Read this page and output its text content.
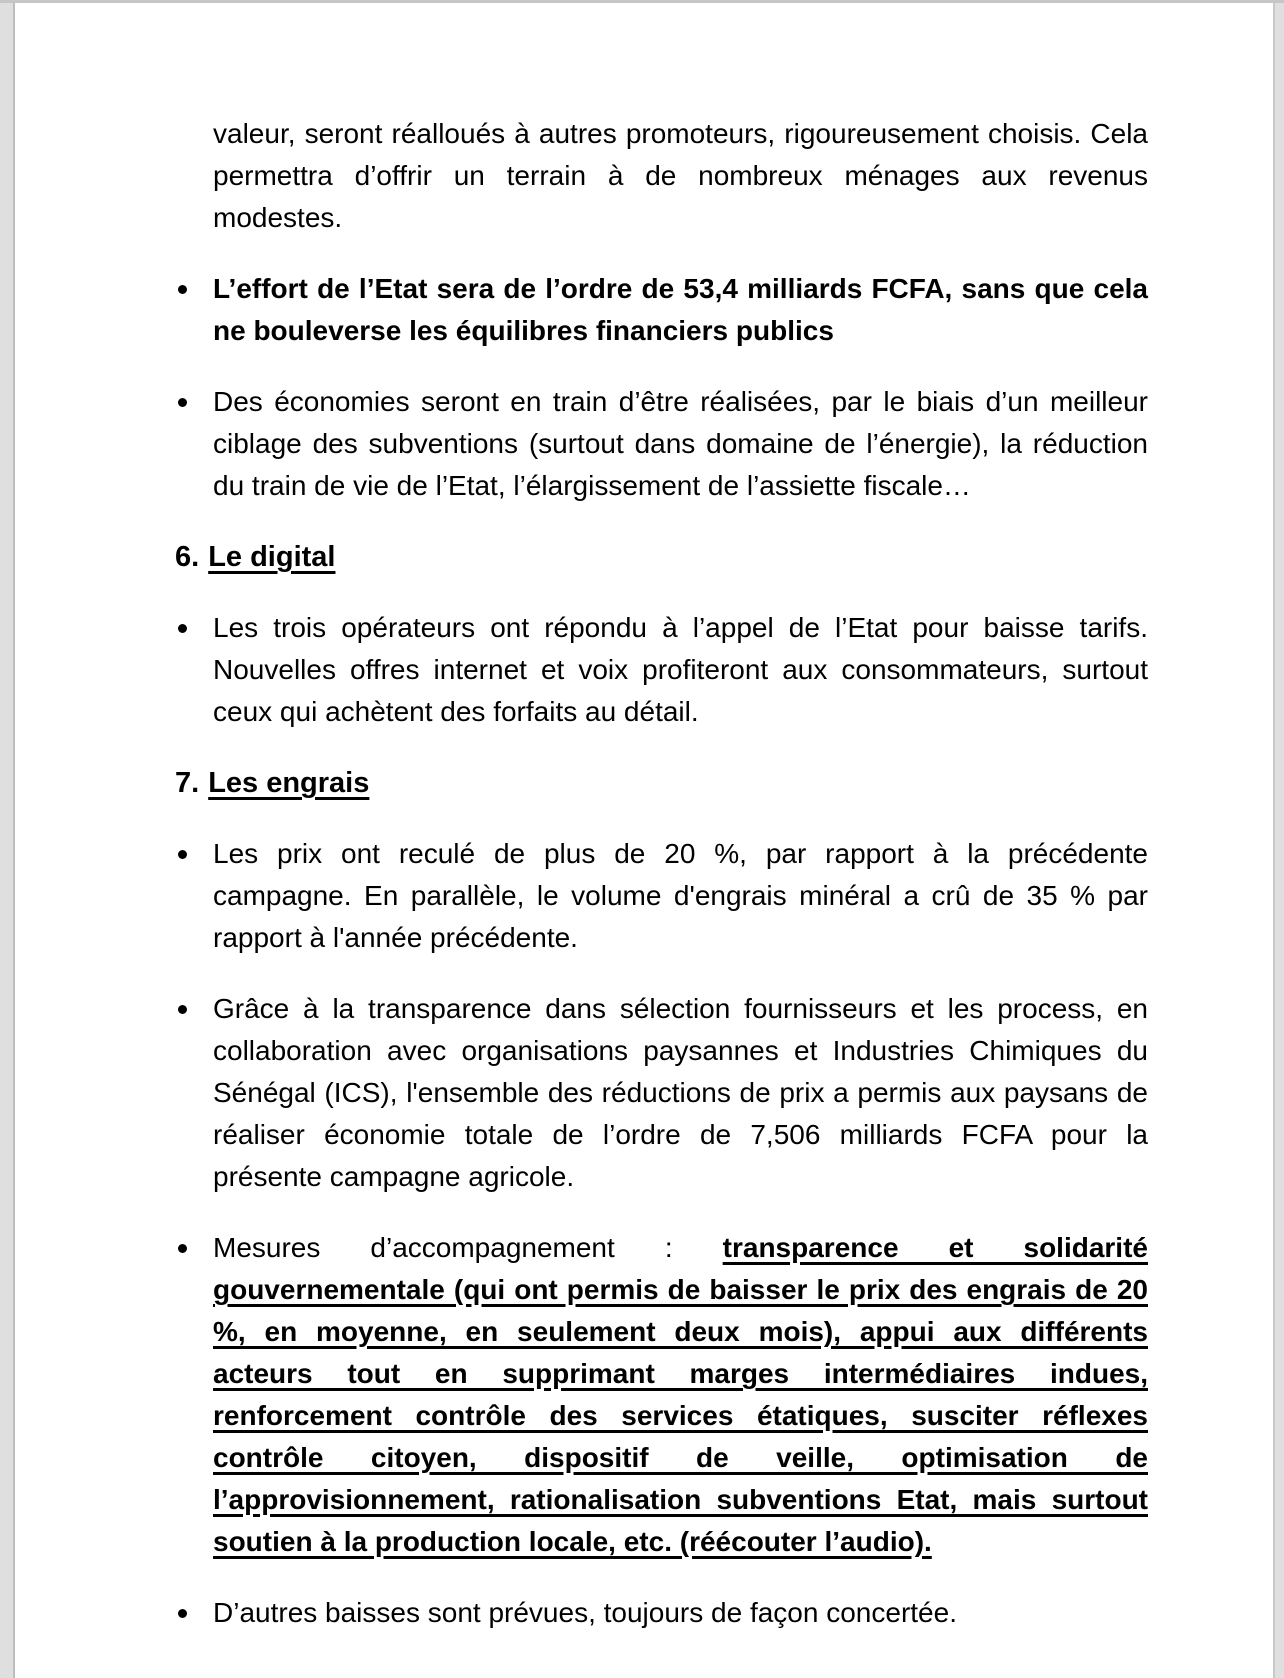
valeur, seront réalloués à autres promoteurs, rigoureusement choisis. Cela permettra d’offrir un terrain à de nombreux ménages aux revenus modestes.
L’effort de l’Etat sera de l’ordre de 53,4 milliards FCFA, sans que cela ne bouleverse les équilibres financiers publics
Des économies seront en train d’être réalisées, par le biais d’un meilleur ciblage des subventions (surtout dans domaine de l’énergie), la réduction du train de vie de l’Etat, l’élargissement de l’assiette fiscale…
6. Le digital
Les trois opérateurs ont répondu à l’appel de l’Etat pour baisse tarifs. Nouvelles offres internet et voix profiteront aux consommateurs, surtout ceux qui achètent des forfaits au détail.
7. Les engrais
Les prix ont reculé de plus de 20 %, par rapport à la précédente campagne. En parallèle, le volume d'engrais minéral a crû de 35 % par rapport à l'année précédente.
Grâce à la transparence dans sélection fournisseurs et les process, en collaboration avec organisations paysannes et Industries Chimiques du Sénégal (ICS), l'ensemble des réductions de prix a permis aux paysans de réaliser économie totale de l’ordre de 7,506 milliards FCFA pour la présente campagne agricole.
Mesures d’accompagnement : transparence et solidarité gouvernementale (qui ont permis de baisser le prix des engrais de 20 %, en moyenne, en seulement deux mois), appui aux différents acteurs tout en supprimant marges intermédiaires indues, renforcement contrôle des services étatiques, susciter réflexes contrôle citoyen, dispositif de veille, optimisation de l’approvisionnement, rationalisation subventions Etat, mais surtout soutien à la production locale, etc. (réécouter l’audio).
D’autres baisses sont prévues, toujours de façon concertée.
